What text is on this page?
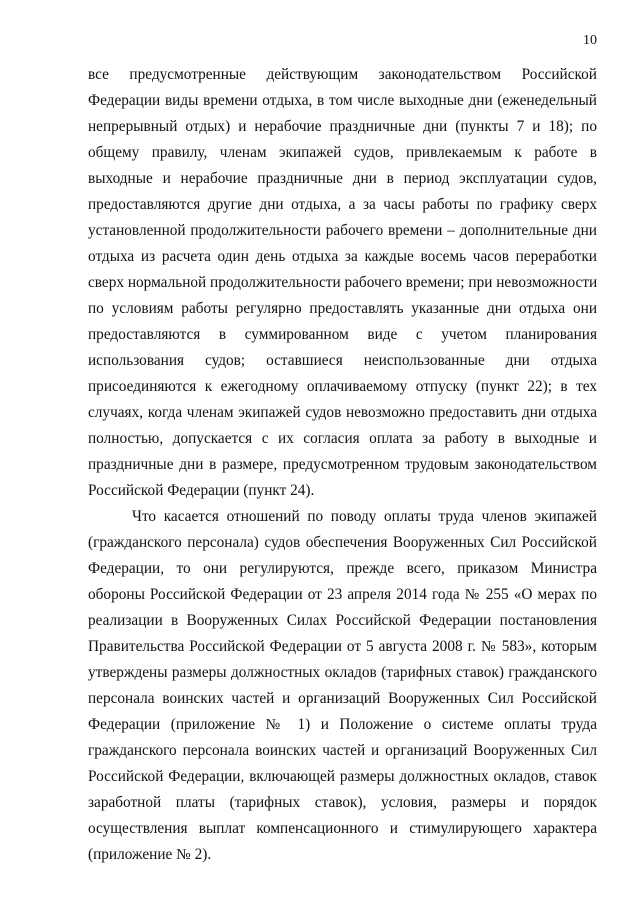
10
все предусмотренные действующим законодательством Российской
Федерации виды времени отдыха, в том числе выходные дни (еженедельный
непрерывный отдых) и нерабочие праздничные дни (пункты 7 и 18); по
общему правилу, членам экипажей судов, привлекаемым к работе в
выходные и нерабочие праздничные дни в период эксплуатации судов,
предоставляются другие дни отдыха, а за часы работы по графику сверх
установленной продолжительности рабочего времени – дополнительные дни
отдыха из расчета один день отдыха за каждые восемь часов переработки
сверх нормальной продолжительности рабочего времени; при невозможности
по условиям работы регулярно предоставлять указанные дни отдыха они
предоставляются в суммированном виде с учетом планирования
использования судов; оставшиеся неиспользованные дни отдыха
присоединяются к ежегодному оплачиваемому отпуску (пункт 22); в тех
случаях, когда членам экипажей судов невозможно предоставить дни отдыха
полностью, допускается с их согласия оплата за работу в выходные и
праздничные дни в размере, предусмотренном трудовым законодательством
Российской Федерации (пункт 24).
Что касается отношений по поводу оплаты труда членов экипажей
(гражданского персонала) судов обеспечения Вооруженных Сил Российской
Федерации, то они регулируются, прежде всего, приказом Министра
обороны Российской Федерации от 23 апреля 2014 года № 255 «О мерах по
реализации в Вооруженных Силах Российской Федерации постановления
Правительства Российской Федерации от 5 августа 2008 г. № 583», которым
утверждены размеры должностных окладов (тарифных ставок) гражданского
персонала воинских частей и организаций Вооруженных Сил Российской
Федерации (приложение № 1) и Положение о системе оплаты труда
гражданского персонала воинских частей и организаций Вооруженных Сил
Российской Федерации, включающей размеры должностных окладов, ставок
заработной платы (тарифных ставок), условия, размеры и порядок
осуществления выплат компенсационного и стимулирующего характера
(приложение № 2).
